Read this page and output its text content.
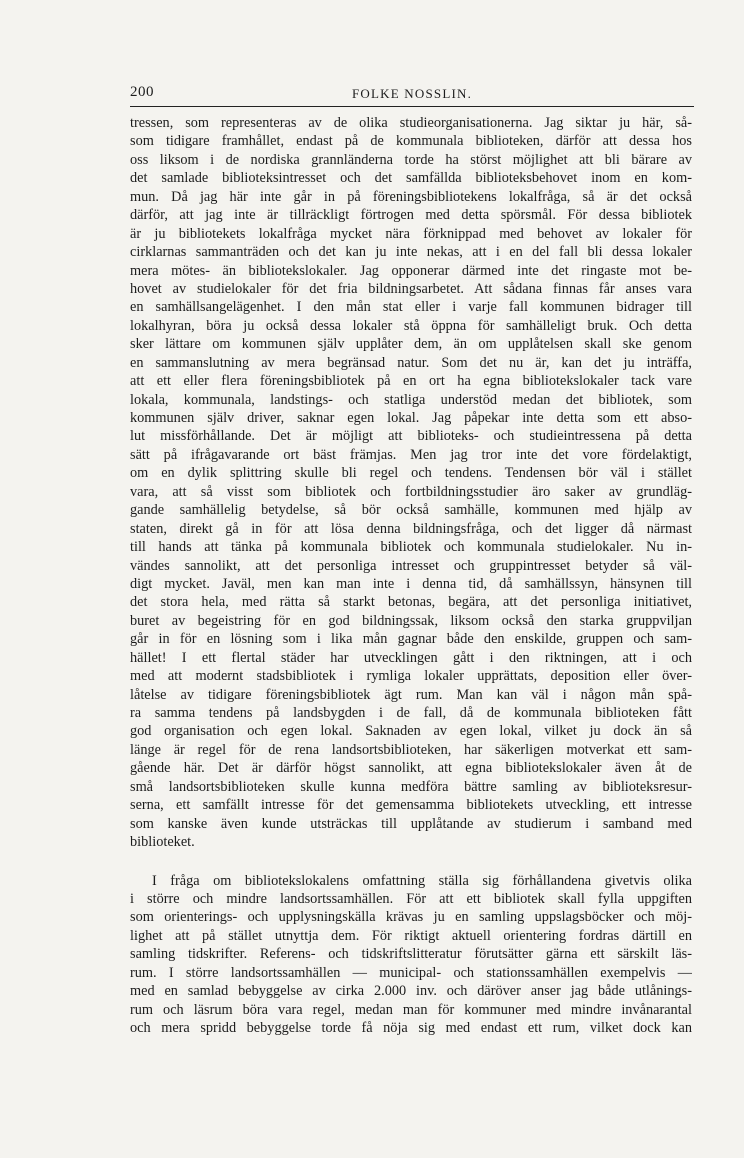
200	FOLKE NOSSLIN.
tressen, som representeras av de olika studieorganisationerna. Jag siktar ju här, så-
som tidigare framhållet, endast på de kommunala biblioteken, därför att dessa hos
oss liksom i de nordiska grannländerna torde ha störst möjlighet att bli bärare av
det samlade biblioteksintresset och det samfällda biblioteksbehovet inom en kom-
mun. Då jag här inte går in på föreningsbibliotekens lokalfråga, så är det också
därför, att jag inte är tillräckligt förtrogen med detta spörsmål. För dessa bibliotek
är ju bibliotekets lokalfråga mycket nära förknippad med behovet av lokaler för
cirklarnas sammanträden och det kan ju inte nekas, att i en del fall bli dessa lokaler
mera mötes- än bibliotekslokaler. Jag opponerar därmed inte det ringaste mot be-
hovet av studielokaler för det fria bildningsarbetet. Att sådana finnas får anses vara
en samhällsangelägenhet. I den mån stat eller i varje fall kommunen bidrager till
lokalhyran, böra ju också dessa lokaler stå öppna för samhälleligt bruk. Och detta
sker lättare om kommunen själv upplåter dem, än om upplåtelsen skall ske genom
en sammanslutning av mera begränsad natur. Som det nu är, kan det ju inträffa,
att ett eller flera föreningsbibliotek på en ort ha egna bibliotekslokaler tack vare
lokala, kommunala, landstings- och statliga understöd medan det bibliotek, som
kommunen själv driver, saknar egen lokal. Jag påpekar inte detta som ett abso-
lut missförhållande. Det är möjligt att biblioteks- och studieintressena på detta
sätt på ifrågavarande ort bäst främjas. Men jag tror inte det vore fördelaktigt,
om en dylik splittring skulle bli regel och tendens. Tendensen bör väl i stället
vara, att så visst som bibliotek och fortbildningsstudier äro saker av grundläg-
gande samhällelig betydelse, så bör också samhälle, kommunen med hjälp av
staten, direkt gå in för att lösa denna bildningsfråga, och det ligger då närmast
till hands att tänka på kommunala bibliotek och kommunala studielokaler. Nu in-
vändes sannolikt, att det personliga intresset och gruppintresset betyder så väl-
digt mycket. Javäl, men kan man inte i denna tid, då samhällssyn, hänsynen till
det stora hela, med rätta så starkt betonas, begära, att det personliga initiativet,
buret av begeistring för en god bildningssak, liksom också den starka gruppviljan
går in för en lösning som i lika mån gagnar både den enskilde, gruppen och sam-
hället! I ett flertal städer har utvecklingen gått i den riktningen, att i och
med att modernt stadsbibliotek i rymliga lokaler upprättats, deposition eller över-
låtelse av tidigare föreningsbibliotek ägt rum. Man kan väl i någon mån spå-
ra samma tendens på landsbygden i de fall, då de kommunala biblioteken fått
god organisation och egen lokal. Saknaden av egen lokal, vilket ju dock än så
länge är regel för de rena landsortsbiblioteken, har säkerligen motverkat ett sam-
gående här. Det är därför högst sannolikt, att egna bibliotekslokaler även åt de
små landsortsbiblioteken skulle kunna medföra bättre samling av biblioteksresur-
serna, ett samfällt intresse för det gemensamma bibliotekets utveckling, ett intresse
som kanske även kunde utsträckas till upplåtande av studierum i samband med
biblioteket.
I fråga om bibliotekslokalens omfattning ställa sig förhållandena givetvis olika
i större och mindre landsortssamhällen. För att ett bibliotek skall fylla uppgiften
som orienterings- och upplysningskälla krävas ju en samling uppslagsböcker och möj-
lighet att på stället utnyttja dem. För riktigt aktuell orientering fordras därtill en
samling tidskrifter. Referens- och tidskriftslitteratur förutsätter gärna ett särskilt läs-
rum. I större landsortssamhällen — municipal- och stationssamhällen exempelvis —
med en samlad bebyggelse av cirka 2.000 inv. och däröver anser jag både utlånings-
rum och läsrum böra vara regel, medan man för kommuner med mindre invånarantal
och mera spridd bebyggelse torde få nöja sig med endast ett rum, vilket dock kan
